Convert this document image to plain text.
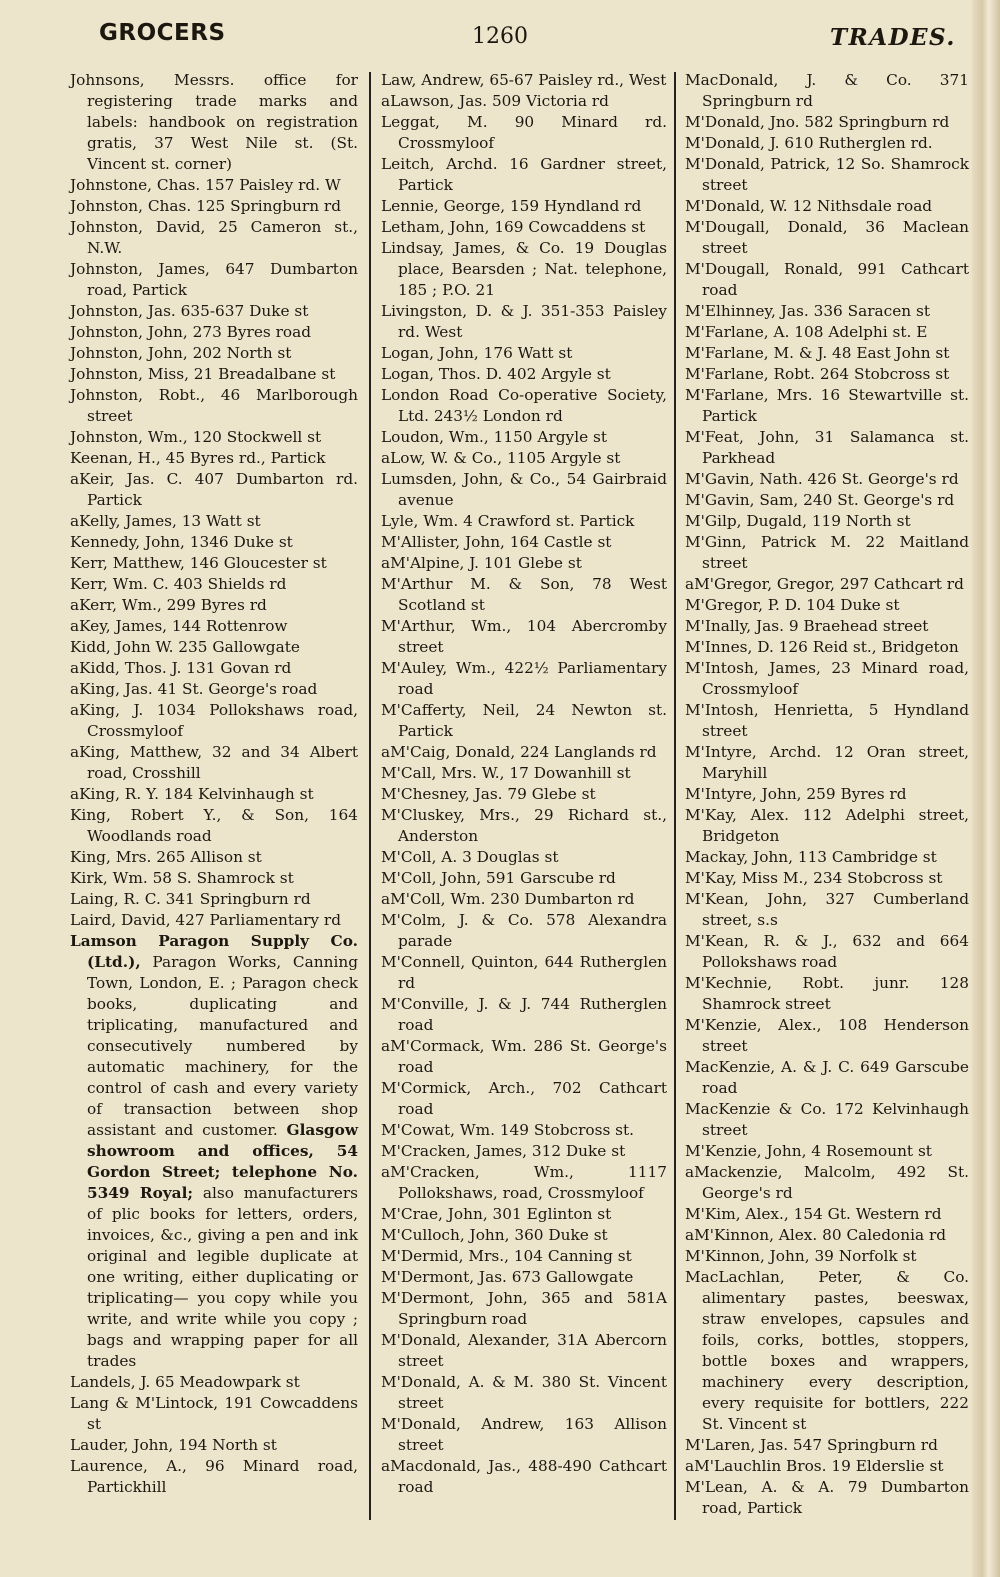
1260
GROCERS	TRADES.

Johnsons, Messrs. office for registering trade marks and labels: handbook on registration gratis, 37 West Nile st. (St. Vincent st. corner)

Johnstone, Chas. 157 Paisley rd. W

Johnston, Chas. 125 Springburn rd

Johnston, David, 25 Cameron st., N.W.

Johnston, James, 647 Dumbarton road, Partick

Johnston, Jas. 635-637 Duke st

Johnston, John, 273 Byres road

Johnston, John, 202 North st

Johnston, Miss, 21 Breadalbane st

Johnston, Robt., 46 Marlborough street

Johnston, Wm., 120 Stockwell st

Keenan, H., 45 Byres rd., Partick

aKeir, Jas. C. 407 Dumbarton rd. Partick

aKelly, James, 13 Watt st

Kennedy, John, 1346 Duke st

Kerr, Matthew, 146 Gloucester st

Kerr, Wm. C. 403 Shields rd

aKerr, Wm., 299 Byres rd

aKey, James, 144 Rottenrow

Kidd, John W. 235 Gallowgate

aKidd, Thos. J. 131 Govan rd

aKing, Jas. 41 St. George's road

aKing, J. 1034 Pollokshaws road, Crossmyloof

aKing, Matthew, 32 and 34 Albert road, Crosshill

aKing, R. Y. 184 Kelvinhaugh st

King, Robert Y., & Son, 164 Woodlands road

King, Mrs. 265 Allison st

Kirk, Wm. 58 S. Shamrock st

Laing, R. C. 341 Springburn rd

Laird, David, 427 Parliamentary rd

Lamson Paragon Supply Co. (Ltd.), Paragon Works, Canning Town, London, E. ; Paragon check books, duplicating and triplicating, manufactured and consecutively numbered by automatic machinery, for the control of cash and every variety of transaction between shop assistant and customer. Glasgow showroom and offices, 54 Gordon Street; telephone No. 5349 Royal; also manufacturers of plic books for letters, orders, invoices, &c., giving a pen and ink original and legible duplicate at one writing, either duplicating or triplicating— you copy while you write, and write while you copy ; bags and wrapping paper for all trades

Landels, J. 65 Meadowpark st

Lang & M'Lintock, 191 Cowcaddens st

Lauder, John, 194 North st

Laurence, A., 96 Minard road, Partickhill

Law, Andrew, 65-67 Paisley rd., West

aLawson, Jas. 509 Victoria rd

Leggat, M. 90 Minard rd. Crossmyloof

Leitch, Archd. 16 Gardner street, Partick

Lennie, George, 159 Hyndland rd

Letham, John, 169 Cowcaddens st

Lindsay, James, & Co. 19 Douglas place, Bearsden ; Nat. telephone, 185 ; P.O. 21

Livingston, D. & J. 351-353 Paisley rd. West

Logan, John, 176 Watt st

Logan, Thos. D. 402 Argyle st

London Road Co-operative Society, Ltd. 243½ London rd

Loudon, Wm., 1150 Argyle st

aLow, W. & Co., 1105 Argyle st

Lumsden, John, & Co., 54 Gairbraid avenue

Lyle, Wm. 4 Crawford st. Partick

M'Allister, John, 164 Castle st

aM'Alpine, J. 101 Glebe st

M'Arthur M. & Son, 78 West Scotland st

M'Arthur, Wm., 104 Abercromby street

M'Auley, Wm., 422½ Parliamentary road

M'Cafferty, Neil, 24 Newton st. Partick

aM'Caig, Donald, 224 Langlands rd

M'Call, Mrs. W., 17 Dowanhill st

M'Chesney, Jas. 79 Glebe st

M'Cluskey, Mrs., 29 Richard st., Anderston

M'Coll, A. 3 Douglas st

M'Coll, John, 591 Garscube rd

aM'Coll, Wm. 230 Dumbarton rd

M'Colm, J. & Co. 578 Alexandra parade

M'Connell, Quinton, 644 Rutherglen rd

M'Conville, J. & J. 744 Rutherglen road

aM'Cormack, Wm. 286 St. George's road

M'Cormick, Arch., 702 Cathcart road

M'Cowat, Wm. 149 Stobcross st.

M'Cracken, James, 312 Duke st

aM'Cracken, Wm., 1117 Pollokshaws, road, Crossmyloof

M'Crae, John, 301 Eglinton st

M'Culloch, John, 360 Duke st

M'Dermid, Mrs., 104 Canning st

M'Dermont, Jas. 673 Gallowgate

M'Dermont, John, 365 and 581A Springburn road

M'Donald, Alexander, 31A Abercorn street

M'Donald, A. & M. 380 St. Vincent street

M'Donald, Andrew, 163 Allison street

aMacdonald, Jas., 488-490 Cathcart road

MacDonald, J. & Co. 371 Springburn rd

M'Donald, Jno. 582 Springburn rd

M'Donald, J. 610 Rutherglen rd.

M'Donald, Patrick, 12 So. Shamrock street

M'Donald, W. 12 Nithsdale road

M'Dougall, Donald, 36 Maclean street

M'Dougall, Ronald, 991 Cathcart road

M'Elhinney, Jas. 336 Saracen st

M'Farlane, A. 108 Adelphi st. E

M'Farlane, M. & J. 48 East John st

M'Farlane, Robt. 264 Stobcross st

M'Farlane, Mrs. 16 Stewartville st. Partick

M'Feat, John, 31 Salamanca st. Parkhead

M'Gavin, Nath. 426 St. George's rd

M'Gavin, Sam, 240 St. George's rd

M'Gilp, Dugald, 119 North st

M'Ginn, Patrick M. 22 Maitland street

aM'Gregor, Gregor, 297 Cathcart rd

M'Gregor, P. D. 104 Duke st

M'Inally, Jas. 9 Braehead street

M'Innes, D. 126 Reid st., Bridgeton

M'Intosh, James, 23 Minard road, Crossmyloof

M'Intosh, Henrietta, 5 Hyndland street

M'Intyre, Archd. 12 Oran street, Maryhill

M'Intyre, John, 259 Byres rd

M'Kay, Alex. 112 Adelphi street, Bridgeton

Mackay, John, 113 Cambridge st

M'Kay, Miss M., 234 Stobcross st

M'Kean, John, 327 Cumberland street, s.s

M'Kean, R. & J., 632 and 664 Pollokshaws road

M'Kechnie, Robt. junr. 128 Shamrock street

M'Kenzie, Alex., 108 Henderson street

MacKenzie, A. & J. C. 649 Garscube road

MacKenzie & Co. 172 Kelvinhaugh street

M'Kenzie, John, 4 Rosemount st

aMackenzie, Malcolm, 492 St. George's rd

M'Kim, Alex., 154 Gt. Western rd

aM'Kinnon, Alex. 80 Caledonia rd

M'Kinnon, John, 39 Norfolk st

MacLachlan, Peter, & Co. alimentary pastes, beeswax, straw envelopes, capsules and foils, corks, bottles, stoppers, bottle boxes and wrappers, machinery every description, every requisite for bottlers, 222 St. Vincent st

M'Laren, Jas. 547 Springburn rd

aM'Lauchlin Bros. 19 Elderslie st

M'Lean, A. & A. 79 Dumbarton road, Partick
